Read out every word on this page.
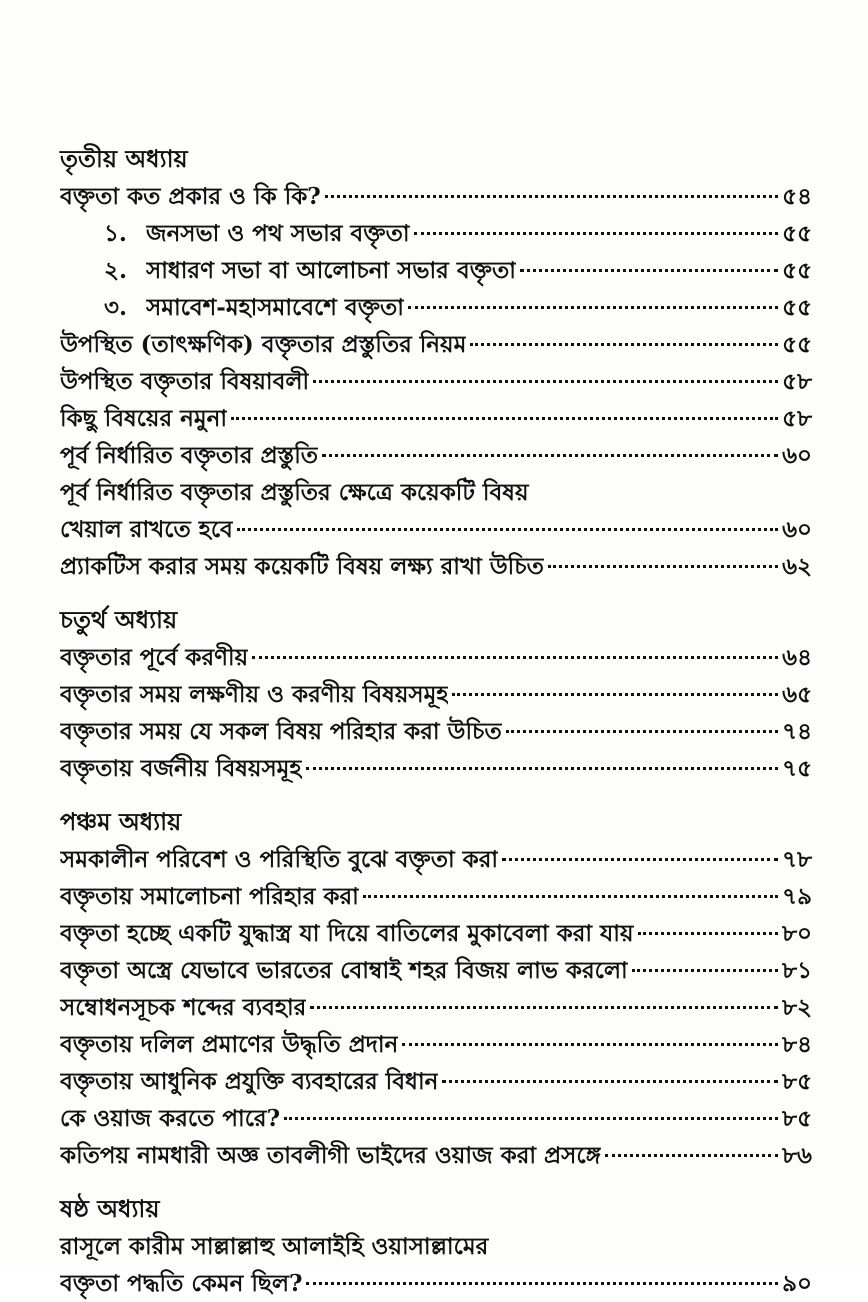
তৃতীয় অধ্যায়
বক্তৃতা কত প্রকার ও কি কি?	৫৪
১. জনসভা ও পথ সভার বক্তৃতা	৫৫
২. সাধারণ সভা বা আলোচনা সভার বক্তৃতা	৫৫
৩. সমাবেশ-মহাসমাবেশে বক্তৃতা	৫৫
উপস্থিত (তাৎক্ষণিক) বক্তৃতার প্রস্তুতির নিয়ম	৫৫
উপস্থিত বক্তৃতার বিষয়াবলী	৫৮
কিছু বিষয়ের নমুনা	৫৮
পূর্ব নির্ধারিত বক্তৃতার প্রস্তুতি	৬০
পূর্ব নির্ধারিত বক্তৃতার প্রস্তুতির ক্ষেত্রে কয়েকটি বিষয়
খেয়াল রাখতে হবে	৬০
প্র্যাকটিস করার সময় কয়েকটি বিষয় লক্ষ্য রাখা উচিত	৬২
চতুর্থ অধ্যায়
বক্তৃতার পূর্বে করণীয়	৬৪
বক্তৃতার সময় লক্ষণীয় ও করণীয় বিষয়সমূহ	৬৫
বক্তৃতার সময় যে সকল বিষয় পরিহার করা উচিত	৭৪
বক্তৃতায় বর্জনীয় বিষয়সমূহ	৭৫
পঞ্চম অধ্যায়
সমকালীন পরিবেশ ও পরিস্থিতি বুঝে বক্তৃতা করা	৭৮
বক্তৃতায় সমালোচনা পরিহার করা	৭৯
বক্তৃতা হচ্ছে একটি যুদ্ধাস্ত্র যা দিয়ে বাতিলের মুকাবেলা করা যায়	৮০
বক্তৃতা অস্ত্রে যেভাবে ভারতের বোম্বাই শহর বিজয় লাভ করলো	৮১
সম্বোধনসূচক শব্দের ব্যবহার	৮২
বক্তৃতায় দলিল প্রমাণের উদ্ধৃতি প্রদান	৮৪
বক্তৃতায় আধুনিক প্রযুক্তি ব্যবহারের বিধান	৮৫
কে ওয়াজ করতে পারে?	৮৫
কতিপয় নামধারী অজ্ঞ তাবলীগী ভাইদের ওয়াজ করা প্রসঙ্গে	৮৬
ষষ্ঠ অধ্যায়
রাসূলে কারীম সাল্লাল্লাহু আলাইহি ওয়াসাল্লামের
বক্তৃতা পদ্ধতি কেমন ছিল?	৯০
